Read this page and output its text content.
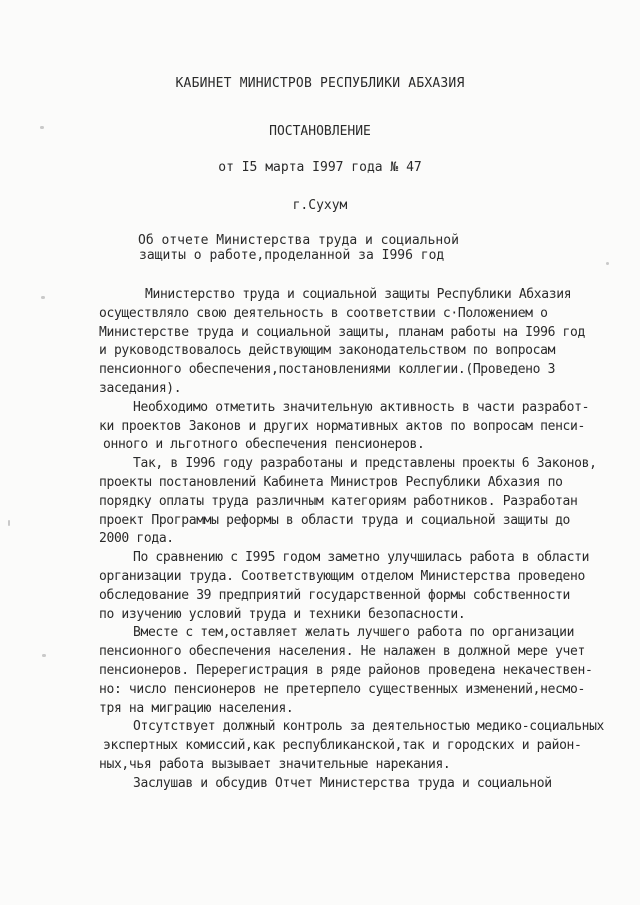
КАБИНЕТ МИНИСТРОВ РЕСПУБЛИКИ АБХАЗИЯ
ПОСТАНОВЛЕНИЕ
от I5 марта I997 года № 47
г.Сухум
Об отчете Министерства труда и социальной
защиты о работе,проделанной за I996 год
Министерство труда и социальной защиты Республики Абхазия
осуществляло свою деятельность в соответствии с·Положением о
Министерстве труда и социальной защиты, планам работы на I996 год
и руководствовалось действующим законодательством по вопросам
пенсионного обеспечения,постановлениями коллегии.(Проведено 3
заседания).
Необходимо отметить значительную активность в части разработ-
ки проектов Законов и других нормативных актов по вопросам пенси-
онного и льготного обеспечения пенсионеров.
Так, в I996 году разработаны и представлены проекты 6 Законов,
проекты постановлений Кабинета Министров Республики Абхазия по
порядку оплаты труда различным категориям работников. Разработан
проект Программы реформы в области труда и социальной защиты до
2000 года.
По сравнению с I995 годом заметно улучшилась работа в области
организации труда. Соответствующим отделом Министерства проведено
обследование 39 предприятий государственной формы собственности
по изучению условий труда и техники безопасности.
Вместе с тем,оставляет желать лучшего работа по организации
пенсионного обеспечения населения. Не налажен в должной мере учет
пенсионеров. Перерегистрация в ряде районов проведена некачествен-
но: число пенсионеров не претерпело существенных изменений,несмо-
тря на миграцию населения.
Отсутствует должный контроль за деятельностью медико-социальных
экспертных комиссий,как республиканской,так и городских и район-
ных,чья работа вызывает значительные нарекания.
Заслушав и обсудив Отчет Министерства труда и социальной
